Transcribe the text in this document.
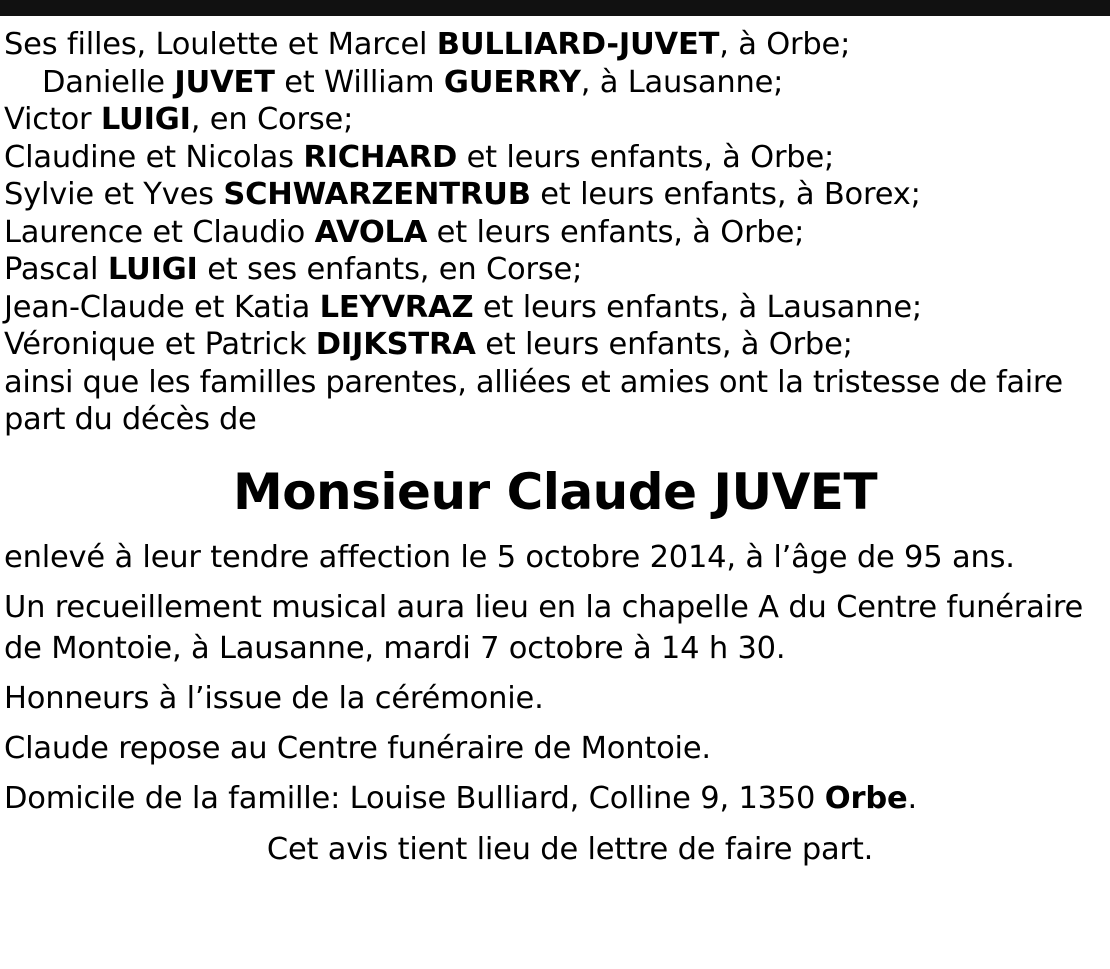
Ses filles, Loulette et Marcel BULLIARD-JUVET, à Orbe;
Danielle JUVET et William GUERRY, à Lausanne;
Victor LUIGI, en Corse;
Claudine et Nicolas RICHARD et leurs enfants, à Orbe;
Sylvie et Yves SCHWARZENTRUB et leurs enfants, à Borex;
Laurence et Claudio AVOLA et leurs enfants, à Orbe;
Pascal LUIGI et ses enfants, en Corse;
Jean-Claude et Katia LEYVRAZ et leurs enfants, à Lausanne;
Véronique et Patrick DIJKSTRA et leurs enfants, à Orbe;
ainsi que les familles parentes, alliées et amies ont la tristesse de faire part du décès de
Monsieur Claude JUVET
enlevé à leur tendre affection le 5 octobre 2014, à l’âge de 95 ans.
Un recueillement musical aura lieu en la chapelle A du Centre funéraire de Montoie, à Lausanne, mardi 7 octobre à 14 h 30.
Honneurs à l’issue de la cérémonie.
Claude repose au Centre funéraire de Montoie.
Domicile de la famille: Louise Bulliard, Colline 9, 1350 Orbe.
Cet avis tient lieu de lettre de faire part.
